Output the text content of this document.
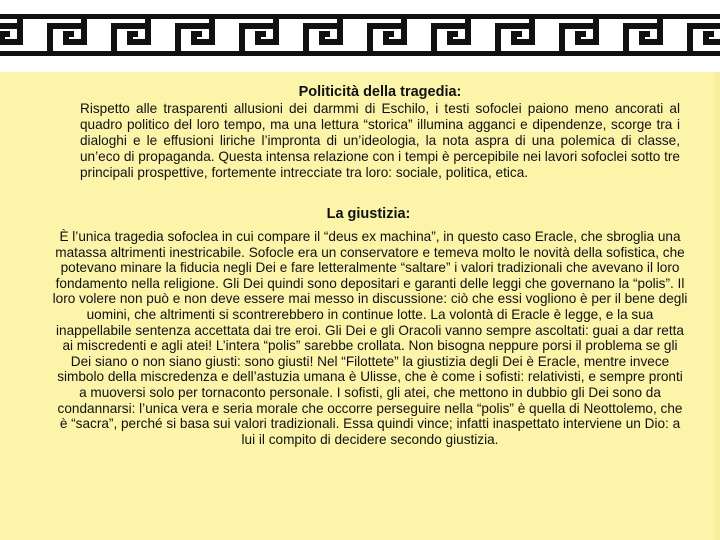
Politicità della tragedia:
Rispetto alle trasparenti allusioni dei darmmi di Eschilo, i testi sofoclei paiono meno ancorati al quadro politico del loro tempo, ma una lettura “storica” illumina agganci e dipendenze, scorge tra i dialoghi e le effusioni liriche l’impronta di un’ideologia, la nota aspra di una polemica di classe, un’eco di propaganda. Questa intensa relazione con i tempi è percepibile nei lavori sofoclei sotto tre principali prospettive, fortemente intrecciate tra loro: sociale, politica, etica.
La giustizia:
È l’unica tragedia sofoclea in cui compare il “deus ex machina”, in questo caso Eracle, che sbroglia una matassa altrimenti inestricabile. Sofocle era un conservatore e temeva molto le novità della sofistica, che potevano minare la fiducia negli Dei e fare letteralmente “saltare” i valori tradizionali che avevano il loro fondamento nella religione. Gli Dei quindi sono depositari e garanti delle leggi che governano la “polis”. Il loro volere non può e non deve essere mai messo in discussione: ciò che essi vogliono è per il bene degli uomini, che altrimenti si scontrerebbero in continue lotte. La volontà di Eracle è legge, e la sua inappellabile sentenza accettata dai tre eroi. Gli Dei e gli Oracoli vanno sempre ascoltati: guai a dar retta ai miscredenti e agli atei! L’intera “polis” sarebbe crollata. Non bisogna neppure porsi il problema se gli Dei siano o non siano giusti: sono giusti! Nel “Filottete” la giustizia degli Dei è Eracle, mentre invece simbolo della miscredenza e dell’astuzia umana è Ulisse, che è come i sofisti: relativisti, e sempre pronti a muoversi solo per tornaconto personale. I sofisti, gli atei, che mettono in dubbio gli Dei sono da condannarsi: l’unica vera e seria morale che occorre perseguire nella “polis” è quella di Neottolemo, che è “sacra”, perché si basa sui valori tradizionali. Essa quindi vince; infatti inaspettato interviene un Dio: a lui il compito di decidere secondo giustizia.
